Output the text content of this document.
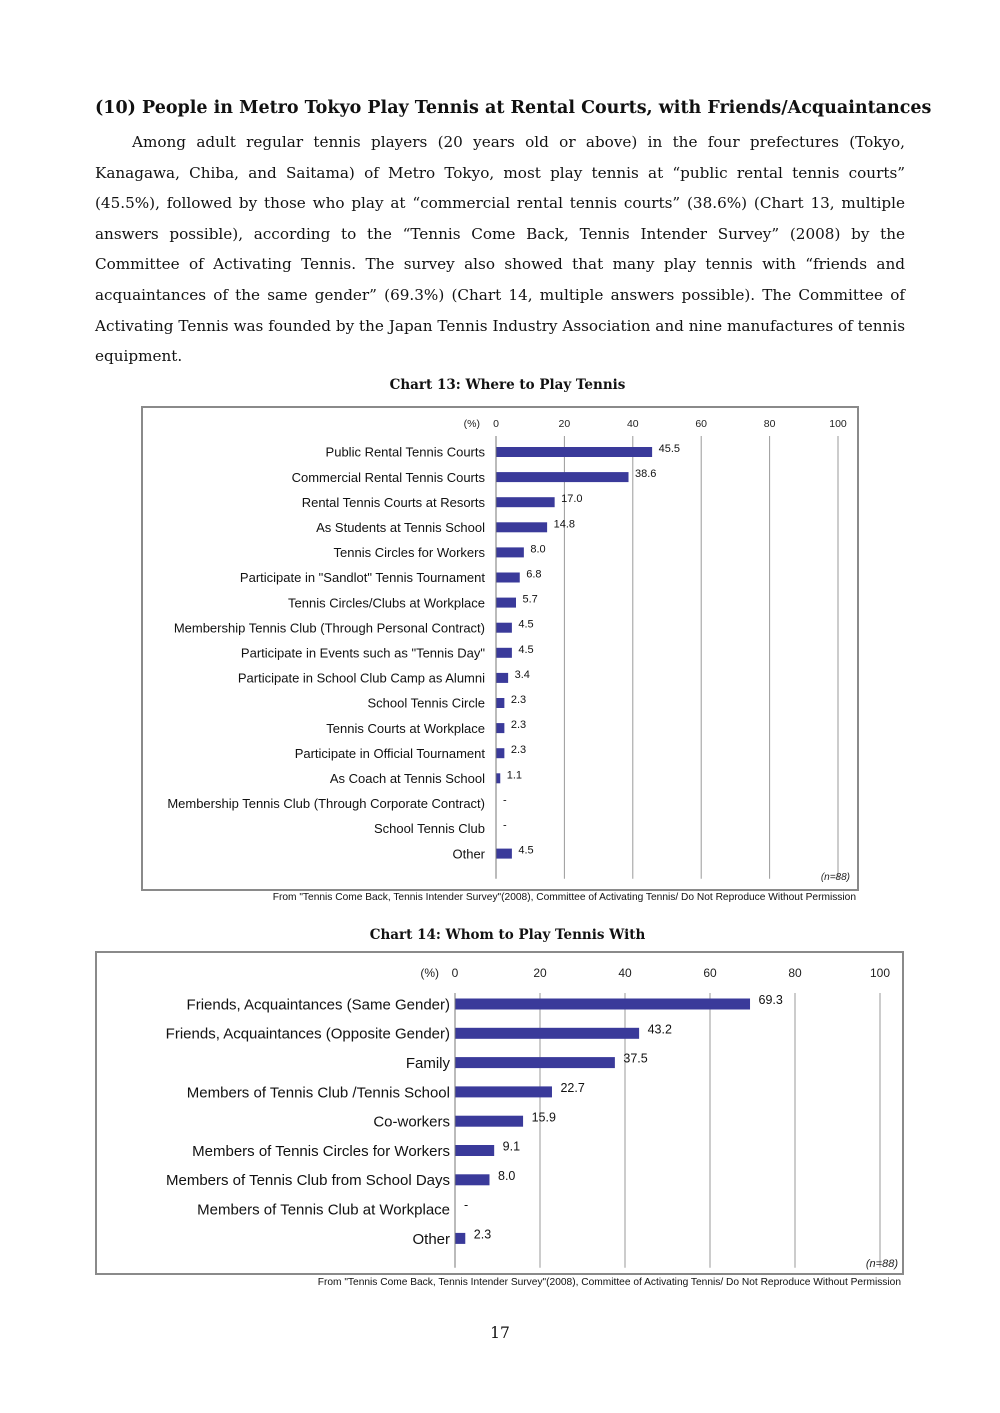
(10) People in Metro Tokyo Play Tennis at Rental Courts, with Friends/Acquaintances
Among adult regular tennis players (20 years old or above) in the four prefectures (Tokyo, Kanagawa, Chiba, and Saitama) of Metro Tokyo, most play tennis at “public rental tennis courts” (45.5%), followed by those who play at “commercial rental tennis courts” (38.6%) (Chart 13, multiple answers possible), according to the “Tennis Come Back, Tennis Intender Survey” (2008) by the Committee of Activating Tennis. The survey also showed that many play tennis with “friends and acquaintances of the same gender” (69.3%) (Chart 14, multiple answers possible). The Committee of Activating Tennis was founded by the Japan Tennis Industry Association and nine manufactures of tennis equipment.
Chart 13: Where to Play Tennis
0	20	40	60	80	100
(%)
Public Rental Tennis Courts	45.5
Commercial Rental Tennis Courts	38.6
Rental Tennis Courts at Resorts	17.0
As Students at Tennis School	14.8
Tennis Circles for Workers	8.0
Participate in "Sandlot" Tennis Tournament	6.8
Tennis Circles/Clubs at Workplace	5.7
Membership Tennis Club (Through Personal Contract)	4.5
Participate in Events such as "Tennis Day"	4.5
Participate in School Club Camp as Alumni	3.4
School Tennis Circle 2.3
Tennis Courts at Workplace 2.3
Participate in Official Tournament 2.3
As Coach at Tennis School 1.1
Membership Tennis Club (Through Corporate Contract) -
School Tennis Club -
Other	4.5
(n=88)
From "Tennis Come Back, Tennis Intender Survey"(2008), Committee of Activating Tennis/ Do Not Reproduce Without Permission
Chart 14: Whom to Play Tennis With
0	20	40	60	80	100
(%)
Friends, Acquaintances (Same Gender)	69.3
Friends, Acquaintances (Opposite Gender)	43.2
Family	37.5
Members of Tennis Club /Tennis School	22.7
Co-workers	15.9
Members of Tennis Circles for Workers	9.1
Members of Tennis Club from School Days	8.0
Members of Tennis Club at Workplace -
Other 2.3
(n=88)
From "Tennis Come Back, Tennis Intender Survey"(2008), Committee of Activating Tennis/ Do Not Reproduce Without Permission
17
